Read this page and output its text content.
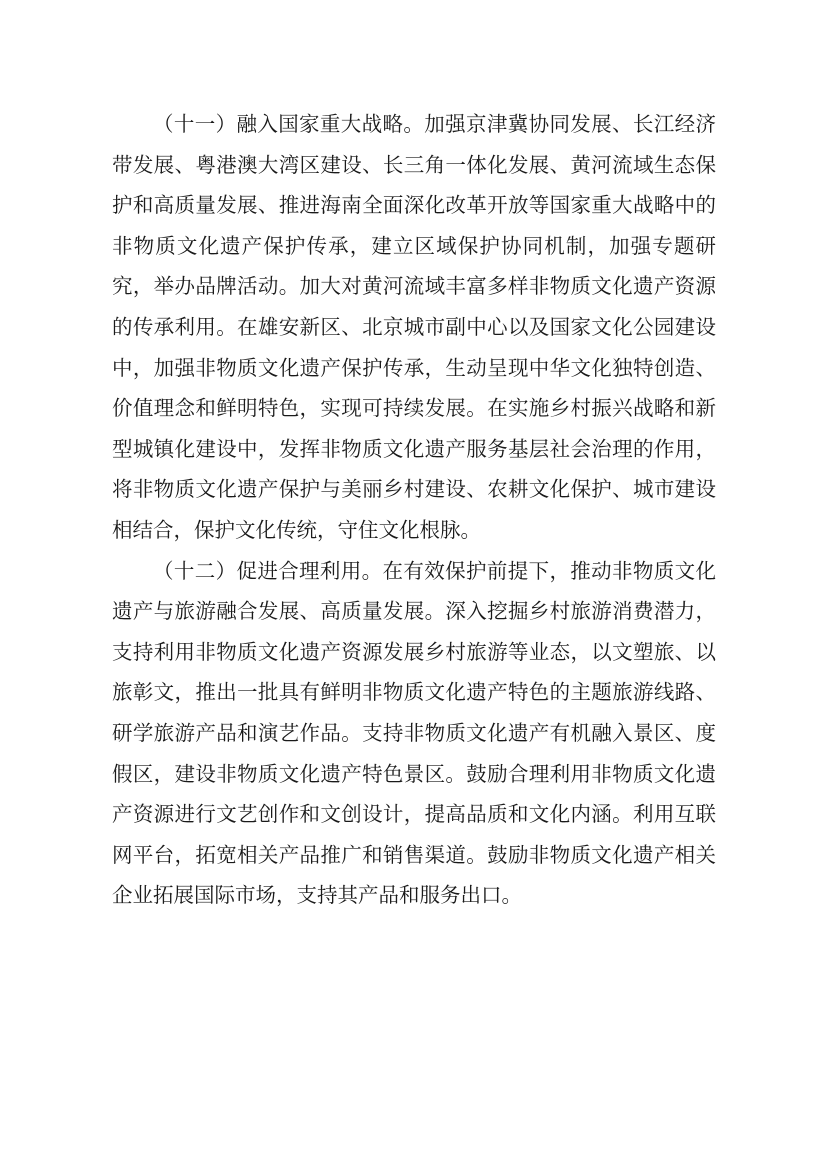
（十一）融入国家重大战略。加强京津冀协同发展、长江经济带发展、粤港澳大湾区建设、长三角一体化发展、黄河流域生态保护和高质量发展、推进海南全面深化改革开放等国家重大战略中的非物质文化遗产保护传承，建立区域保护协同机制，加强专题研究，举办品牌活动。加大对黄河流域丰富多样非物质文化遗产资源的传承利用。在雄安新区、北京城市副中心以及国家文化公园建设中，加强非物质文化遗产保护传承，生动呈现中华文化独特创造、价值理念和鲜明特色，实现可持续发展。在实施乡村振兴战略和新型城镇化建设中，发挥非物质文化遗产服务基层社会治理的作用，将非物质文化遗产保护与美丽乡村建设、农耕文化保护、城市建设相结合，保护文化传统，守住文化根脉。

（十二）促进合理利用。在有效保护前提下，推动非物质文化遗产与旅游融合发展、高质量发展。深入挖掘乡村旅游消费潜力，支持利用非物质文化遗产资源发展乡村旅游等业态，以文塑旅、以旅彰文，推出一批具有鲜明非物质文化遗产特色的主题旅游线路、研学旅游产品和演艺作品。支持非物质文化遗产有机融入景区、度假区，建设非物质文化遗产特色景区。鼓励合理利用非物质文化遗产资源进行文艺创作和文创设计，提高品质和文化内涵。利用互联网平台，拓宽相关产品推广和销售渠道。鼓励非物质文化遗产相关企业拓展国际市场，支持其产品和服务出口。
